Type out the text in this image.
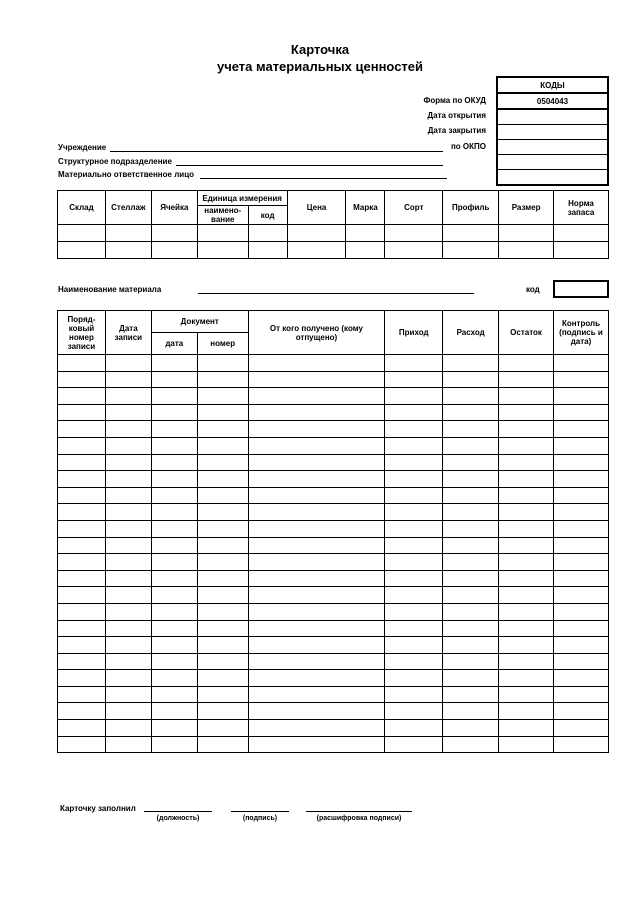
Карточка
учета материальных ценностей
КОДЫ
0504043

Форма по ОКУД
Дата открытия
Дата закрытия
по ОКПО
Учреждение
Структурное подразделение
Материально ответственное лицо
Склад	Стеллаж	Ячейка	Единица измерения		Цена	Марка	Сорт	Профиль	Размер	Норма запаса
			наимено-вание	код						

Наименование материала	код
Поряд-ковый номер записи	Дата записи	Документ		От кого получено (кому отпущено)	Приход	Расход	Остаток	Контроль (подпись и дата)
		дата	номер					

Карточку заполнил
(должность)	(подпись)	(расшифровка подписи)
